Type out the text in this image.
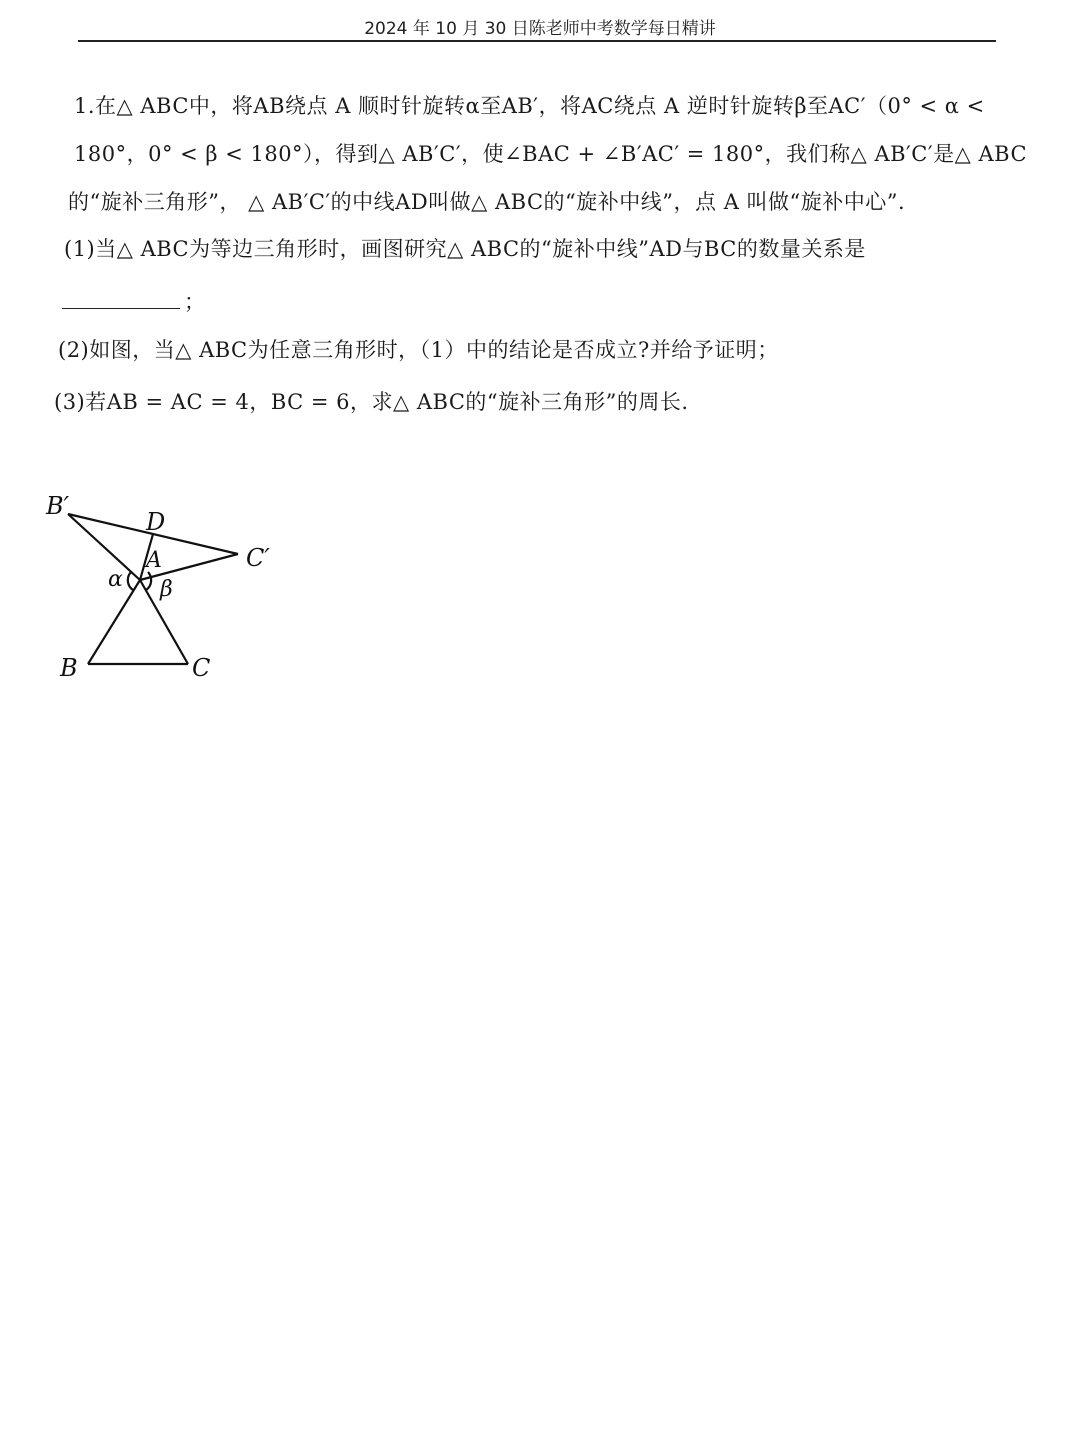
2024 年 10 月 30 日陈老师中考数学每日精讲
1.在△ ABC中，将AB绕点 A 顺时针旋转α至AB′，将AC绕点 A 逆时针旋转β至AC′（0° < α <
180°，0° < β < 180°），得到△ AB′C′，使∠BAC + ∠B′AC′ = 180°，我们称△ AB′C′是△ ABC
的“旋补三角形”， △ AB′C′的中线AD叫做△ ABC的“旋补中线”，点 A 叫做“旋补中心”.
(1)当△ ABC为等边三角形时，画图研究△ ABC的“旋补中线”AD与BC的数量关系是
；
(2)如图，当△ ABC为任意三角形时，（1）中的结论是否成立?并给予证明；
(3)若AB = AC = 4，BC = 6，求△ ABC的“旋补三角形”的周长.
B′
D
A	C′
α β
B	C
